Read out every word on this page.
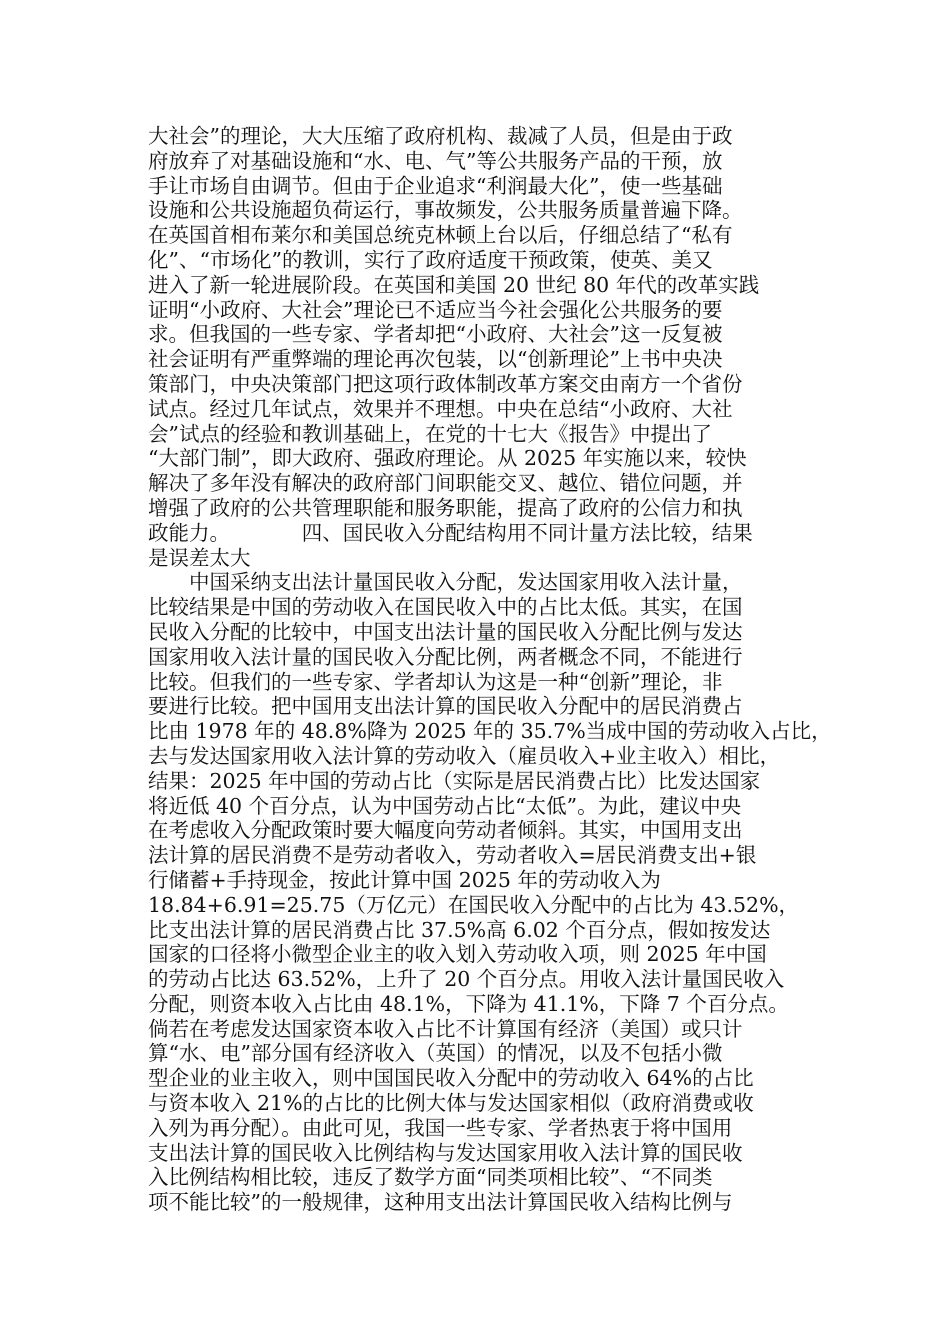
大社会”的理论，大大压缩了政府机构、裁减了人员，但是由于政
府放弃了对基础设施和“水、电、气”等公共服务产品的干预，放
手让市场自由调节。但由于企业追求“利润最大化”，使一些基础
设施和公共设施超负荷运行，事故频发，公共服务质量普遍下降。
在英国首相布莱尔和美国总统克林顿上台以后，仔细总结了“私有
化”、“市场化”的教训，实行了政府适度干预政策，使英、美又
进入了新一轮进展阶段。在英国和美国 20 世纪 80 年代的改革实践
证明“小政府、大社会”理论已不适应当今社会强化公共服务的要
求。但我国的一些专家、学者却把“小政府、大社会”这一反复被
社会证明有严重弊端的理论再次包装，以“创新理论”上书中央决
策部门，中央决策部门把这项行政体制改革方案交由南方一个省份
试点。经过几年试点，效果并不理想。中央在总结“小政府、大社
会”试点的经验和教训基础上，在党的十七大《报告》中提出了
“大部门制”，即大政府、强政府理论。从 2025 年实施以来，较快
解决了多年没有解决的政府部门间职能交叉、越位、错位问题，并
增强了政府的公共管理职能和服务职能，提高了政府的公信力和执
政能力。　　　　四、国民收入分配结构用不同计量方法比较，结果
是误差太大
　　中国采纳支出法计量国民收入分配，发达国家用收入法计量，
比较结果是中国的劳动收入在国民收入中的占比太低。其实，在国
民收入分配的比较中，中国支出法计量的国民收入分配比例与发达
国家用收入法计量的国民收入分配比例，两者概念不同，不能进行
比较。但我们的一些专家、学者却认为这是一种“创新”理论，非
要进行比较。把中国用支出法计算的国民收入分配中的居民消费占
比由 1978 年的 48.8%降为 2025 年的 35.7%当成中国的劳动收入占比，
去与发达国家用收入法计算的劳动收入（雇员收入+业主收入）相比，
结果：2025 年中国的劳动占比（实际是居民消费占比）比发达国家
将近低 40 个百分点，认为中国劳动占比“太低”。为此，建议中央
在考虑收入分配政策时要大幅度向劳动者倾斜。其实，中国用支出
法计算的居民消费不是劳动者收入，劳动者收入=居民消费支出+银
行储蓄+手持现金，按此计算中国 2025 年的劳动收入为
18.84+6.91=25.75（万亿元）在国民收入分配中的占比为 43.52%，
比支出法计算的居民消费占比 37.5%高 6.02 个百分点，假如按发达
国家的口径将小微型企业主的收入划入劳动收入项，则 2025 年中国
的劳动占比达 63.52%，上升了 20 个百分点。用收入法计量国民收入
分配，则资本收入占比由 48.1%，下降为 41.1%，下降 7 个百分点。
倘若在考虑发达国家资本收入占比不计算国有经济（美国）或只计
算“水、电”部分国有经济收入（英国）的情况，以及不包括小微
型企业的业主收入，则中国国民收入分配中的劳动收入 64%的占比
与资本收入 21%的占比的比例大体与发达国家相似（政府消费或收
入列为再分配）。由此可见，我国一些专家、学者热衷于将中国用
支出法计算的国民收入比例结构与发达国家用收入法计算的国民收
入比例结构相比较，违反了数学方面“同类项相比较”、“不同类
项不能比较”的一般规律，这种用支出法计算国民收入结构比例与
